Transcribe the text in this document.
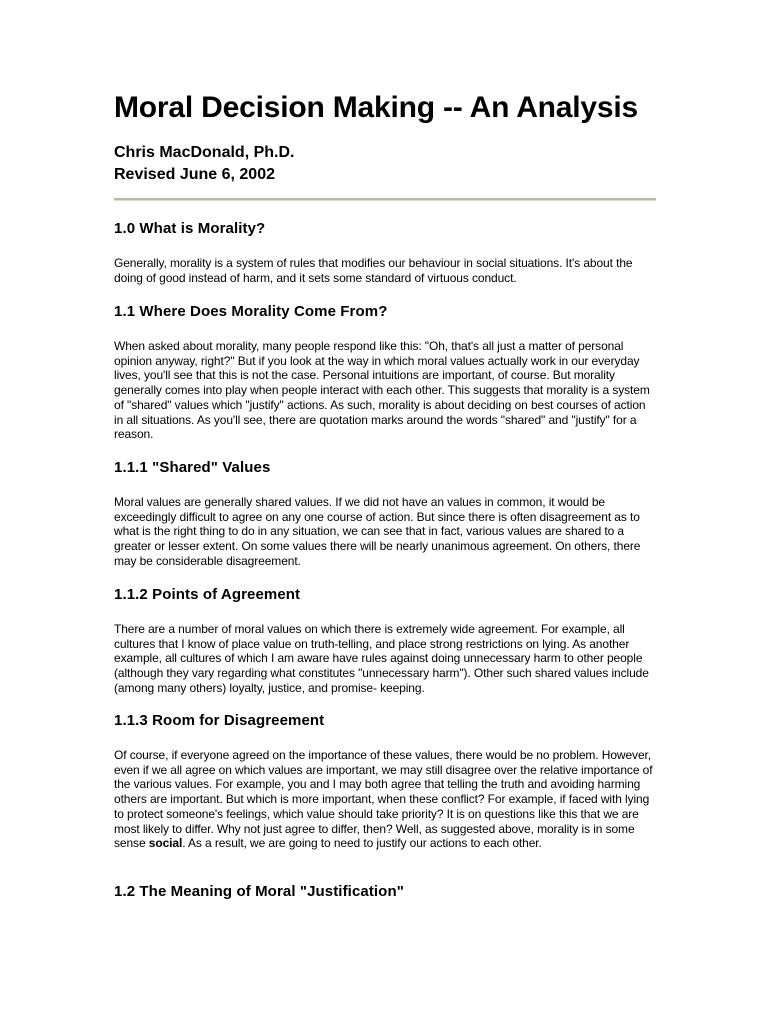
Moral Decision Making -- An Analysis
Chris MacDonald, Ph.D.
Revised June 6, 2002
1.0 What is Morality?

Generally, morality is a system of rules that modifies our behaviour in social situations. It's about the doing of good instead of harm, and it sets some standard of virtuous conduct.

1.1 Where Does Morality Come From?

When asked about morality, many people respond like this: "Oh, that's all just a matter of personal opinion anyway, right?" But if you look at the way in which moral values actually work in our everyday lives, you'll see that this is not the case. Personal intuitions are important, of course. But morality generally comes into play when people interact with each other. This suggests that morality is a system of "shared" values which "justify" actions. As such, morality is about deciding on best courses of action in all situations. As you'll see, there are quotation marks around the words "shared" and "justify" for a reason.

1.1.1 "Shared" Values

Moral values are generally shared values. If we did not have an values in common, it would be exceedingly difficult to agree on any one course of action. But since there is often disagreement as to what is the right thing to do in any situation, we can see that in fact, various values are shared to a greater or lesser extent. On some values there will be nearly unanimous agreement. On others, there may be considerable disagreement.

1.1.2 Points of Agreement

There are a number of moral values on which there is extremely wide agreement. For example, all cultures that I know of place value on truth-telling, and place strong restrictions on lying. As another example, all cultures of which I am aware have rules against doing unnecessary harm to other people (although they vary regarding what constitutes "unnecessary harm"). Other such shared values include (among many others) loyalty, justice, and promise- keeping.

1.1.3 Room for Disagreement

Of course, if everyone agreed on the importance of these values, there would be no problem. However, even if we all agree on which values are important, we may still disagree over the relative importance of the various values. For example, you and I may both agree that telling the truth and avoiding harming others are important. But which is more important, when these conflict? For example, if faced with lying to protect someone's feelings, which value should take priority? It is on questions like this that we are most likely to differ. Why not just agree to differ, then? Well, as suggested above, morality is in some sense social. As a result, we are going to need to justify our actions to each other.

1.2 The Meaning of Moral "Justification"
